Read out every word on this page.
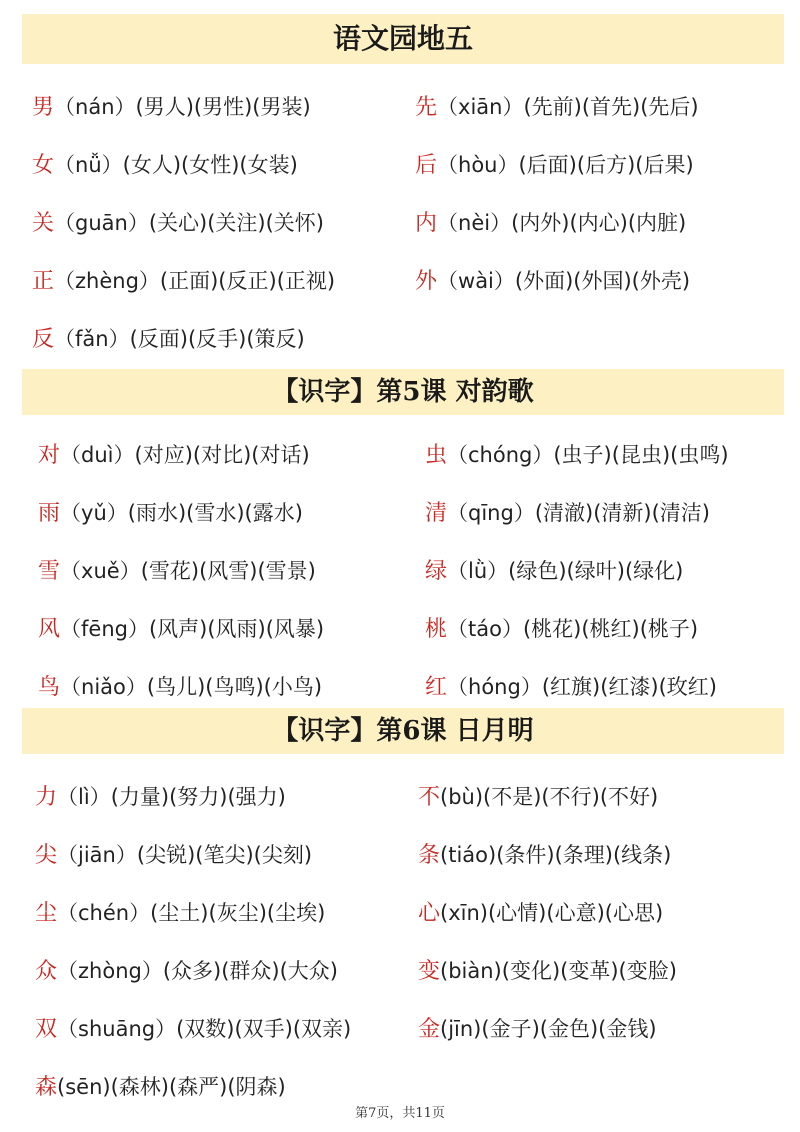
语文园地五
男（nán）(男人)(男性)(男装)	先（xiān）(先前)(首先)(先后)
女（nǚ）(女人)(女性)(女装)	后（hòu）(后面)(后方)(后果)
关（guān）(关心)(关注)(关怀)	内（nèi）(内外)(内心)(内脏)
正（zhèng）(正面)(反正)(正视)	外（wài）(外面)(外国)(外壳)
反（fǎn）(反面)(反手)(策反)
【识字】第5课 对韵歌
对（duì）(对应)(对比)(对话)	虫（chóng）(虫子)(昆虫)(虫鸣)
雨（yǔ）(雨水)(雪水)(露水)	清（qīng）(清澈)(清新)(清洁)
雪（xuě）(雪花)(风雪)(雪景)	绿（lǜ）(绿色)(绿叶)(绿化)
风（fēng）(风声)(风雨)(风暴)	桃（táo）(桃花)(桃红)(桃子)
鸟（niǎo）(鸟儿)(鸟鸣)(小鸟)	红（hóng）(红旗)(红漆)(玫红)
【识字】第6课 日月明
力（lì）(力量)(努力)(强力)	不(bù)(不是)(不行)(不好)
尖（jiān）(尖锐)(笔尖)(尖刻)	条(tiáo)(条件)(条理)(线条)
尘（chén）(尘土)(灰尘)(尘埃)	心(xīn)(心情)(心意)(心思)
众（zhòng）(众多)(群众)(大众)	变(biàn)(变化)(变革)(变脸)
双（shuāng）(双数)(双手)(双亲)	金(jīn)(金子)(金色)(金钱)
森(sēn)(森林)(森严)(阴森)
第7页，共11页
